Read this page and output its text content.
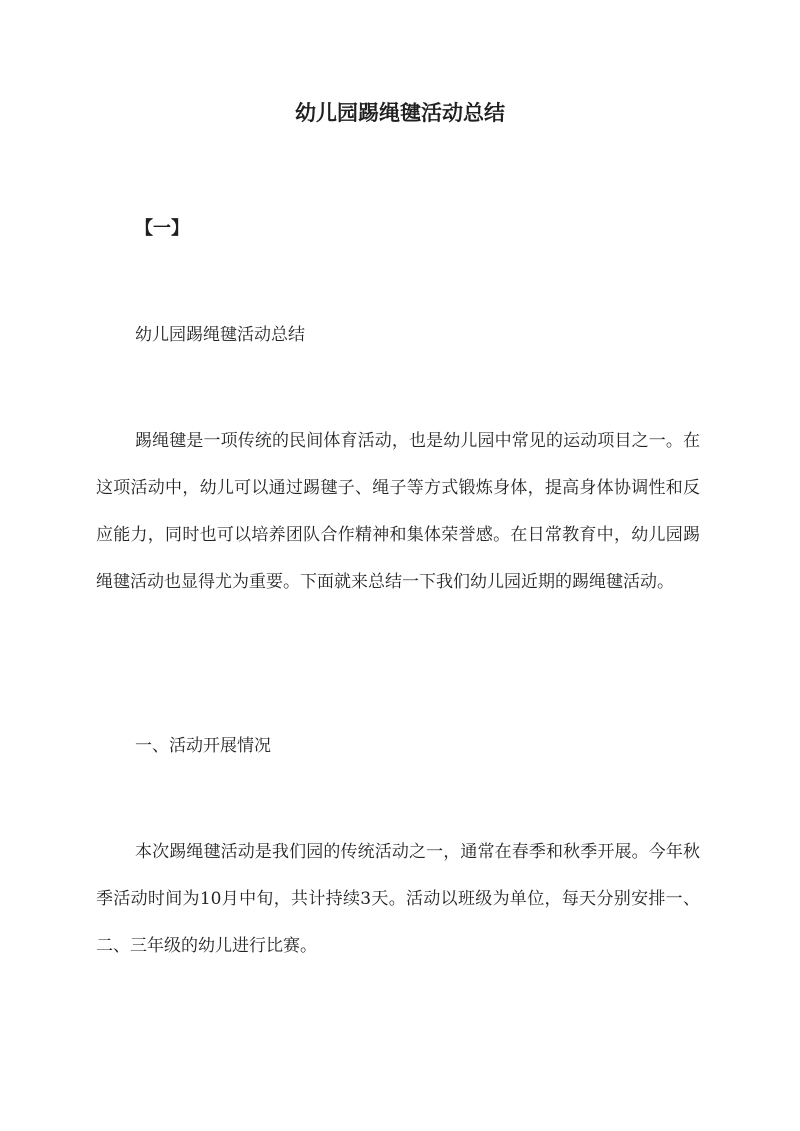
幼儿园踢绳毽活动总结
【一】
幼儿园踢绳毽活动总结

踢绳毽是一项传统的民间体育活动，也是幼儿园中常见的运动项目之一。在这项活动中，幼儿可以通过踢毽子、绳子等方式锻炼身体，提高身体协调性和反应能力，同时也可以培养团队合作精神和集体荣誉感。在日常教育中，幼儿园踢绳毽活动也显得尤为重要。下面就来总结一下我们幼儿园近期的踢绳毽活动。

一、活动开展情况

本次踢绳毽活动是我们园的传统活动之一，通常在春季和秋季开展。今年秋季活动时间为10月中旬，共计持续3天。活动以班级为单位，每天分别安排一、二、三年级的幼儿进行比赛。
